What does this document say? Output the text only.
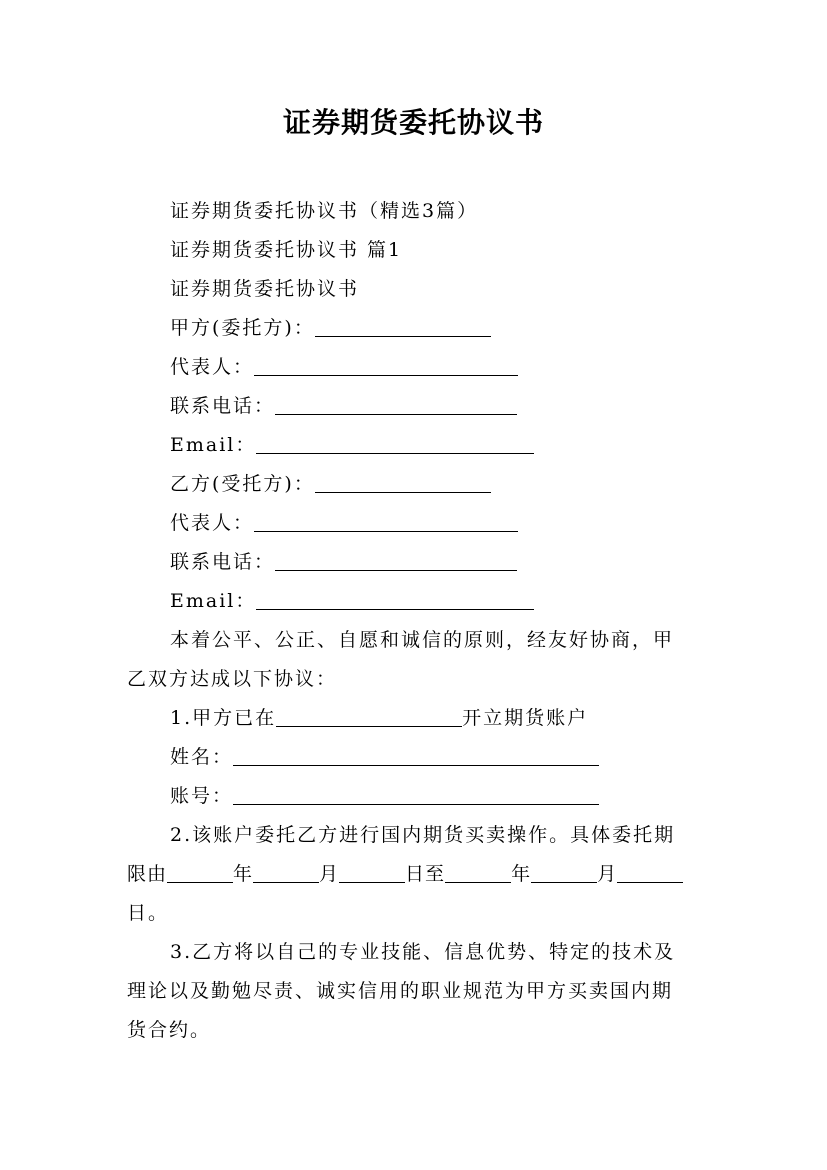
证券期货委托协议书
证券期货委托协议书（精选3篇）
证券期货委托协议书 篇1
证券期货委托协议书
甲方(委托方)：
代表人：
联系电话：
Email：
乙方(受托方)：
代表人：
联系电话：
Email：
本着公平、公正、自愿和诚信的原则，经友好协商，甲
乙双方达成以下协议：
1.甲方已在	开立期货账户
姓名：
账号：
2.该账户委托乙方进行国内期货买卖操作。具体委托期
限由	年	月	日至	年	月
日。
3.乙方将以自己的专业技能、信息优势、特定的技术及
理论以及勤勉尽责、诚实信用的职业规范为甲方买卖国内期
货合约。
